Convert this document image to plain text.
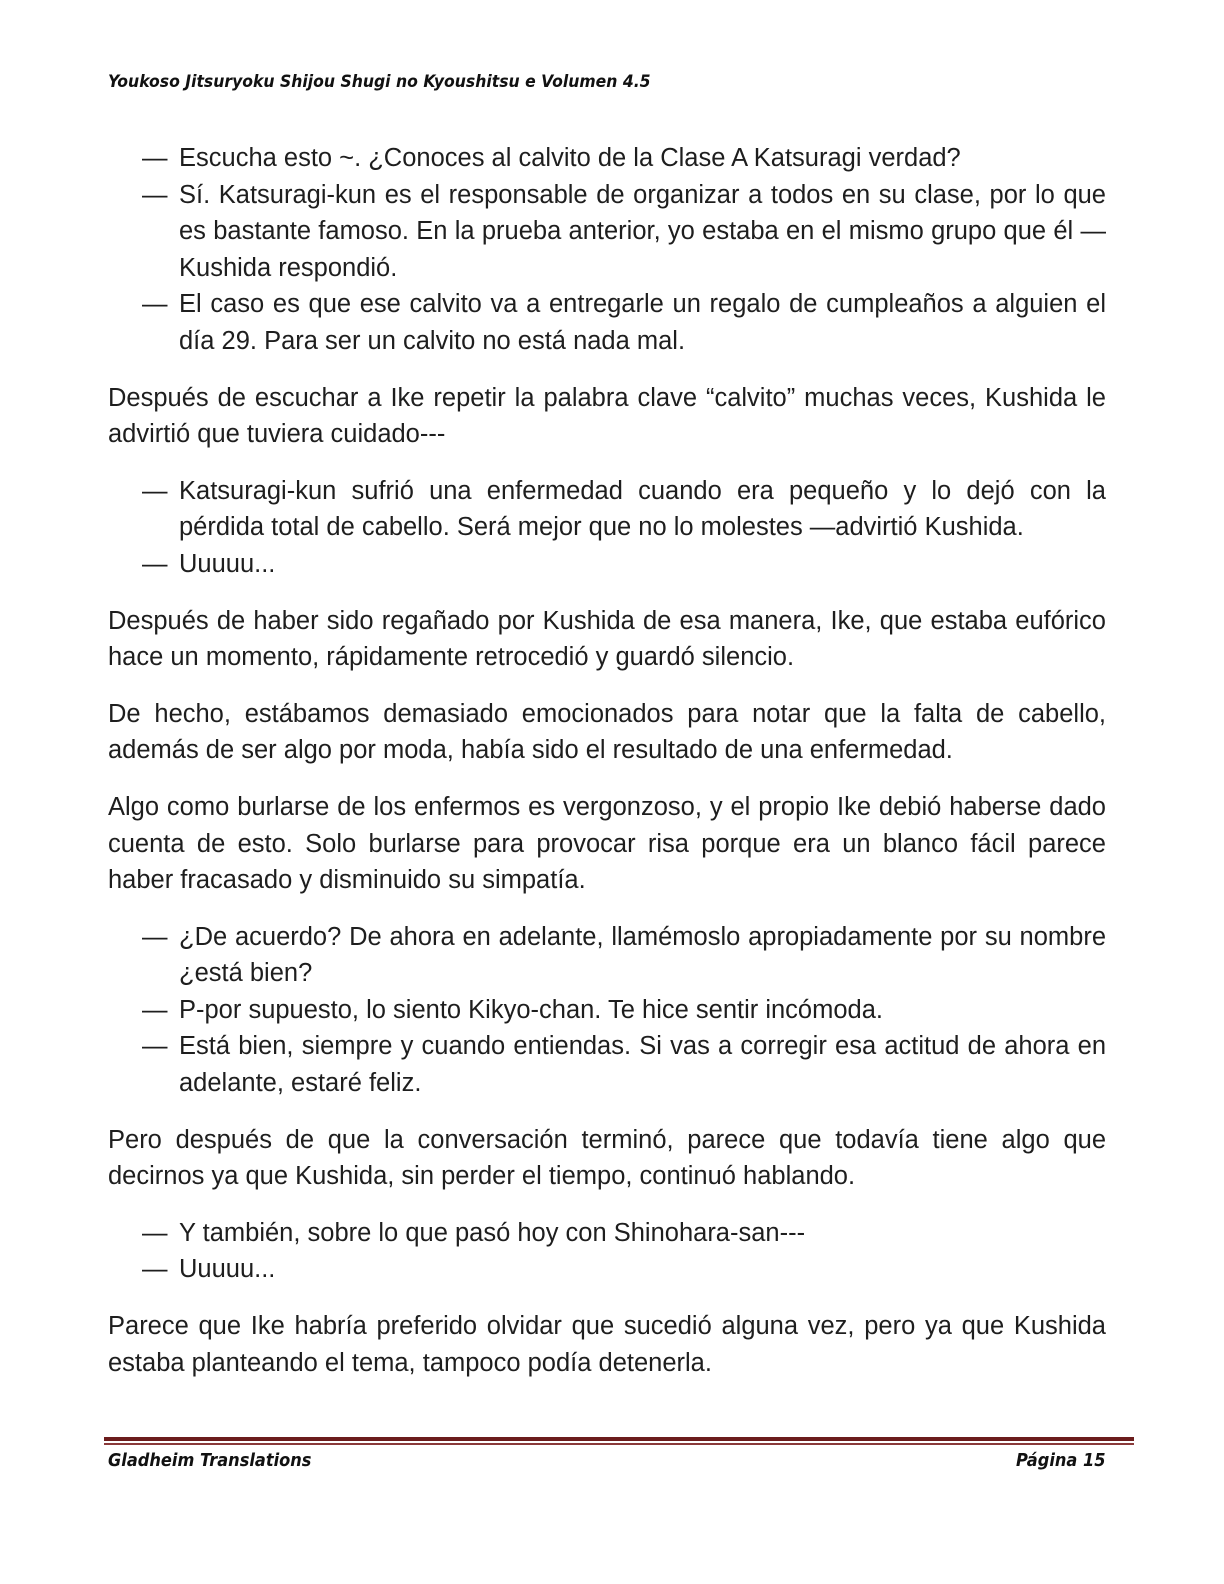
Youkoso Jitsuryoku Shijou Shugi no Kyoushitsu e Volumen 4.5
— Escucha esto ~. ¿Conoces al calvito de la Clase A Katsuragi verdad?
— Sí. Katsuragi-kun es el responsable de organizar a todos en su clase, por lo que es bastante famoso. En la prueba anterior, yo estaba en el mismo grupo que él —Kushida respondió.
— El caso es que ese calvito va a entregarle un regalo de cumpleaños a alguien el día 29. Para ser un calvito no está nada mal.
Después de escuchar a Ike repetir la palabra clave “calvito” muchas veces, Kushida le advirtió que tuviera cuidado---
— Katsuragi-kun sufrió una enfermedad cuando era pequeño y lo dejó con la pérdida total de cabello. Será mejor que no lo molestes —advirtió Kushida.
— Uuuuu...
Después de haber sido regañado por Kushida de esa manera, Ike, que estaba eufórico hace un momento, rápidamente retrocedió y guardó silencio.
De hecho, estábamos demasiado emocionados para notar que la falta de cabello, además de ser algo por moda, había sido el resultado de una enfermedad.
Algo como burlarse de los enfermos es vergonzoso, y el propio Ike debió haberse dado cuenta de esto. Solo burlarse para provocar risa porque era un blanco fácil parece haber fracasado y disminuido su simpatía.
— ¿De acuerdo? De ahora en adelante, llamémoslo apropiadamente por su nombre ¿está bien?
— P-por supuesto, lo siento Kikyo-chan. Te hice sentir incómoda.
— Está bien, siempre y cuando entiendas. Si vas a corregir esa actitud de ahora en adelante, estaré feliz.
Pero después de que la conversación terminó, parece que todavía tiene algo que decirnos ya que Kushida, sin perder el tiempo, continuó hablando.
— Y también, sobre lo que pasó hoy con Shinohara-san---
— Uuuuu...
Parece que Ike habría preferido olvidar que sucedió alguna vez, pero ya que Kushida estaba planteando el tema, tampoco podía detenerla.
Gladheim Translations	Página 15
